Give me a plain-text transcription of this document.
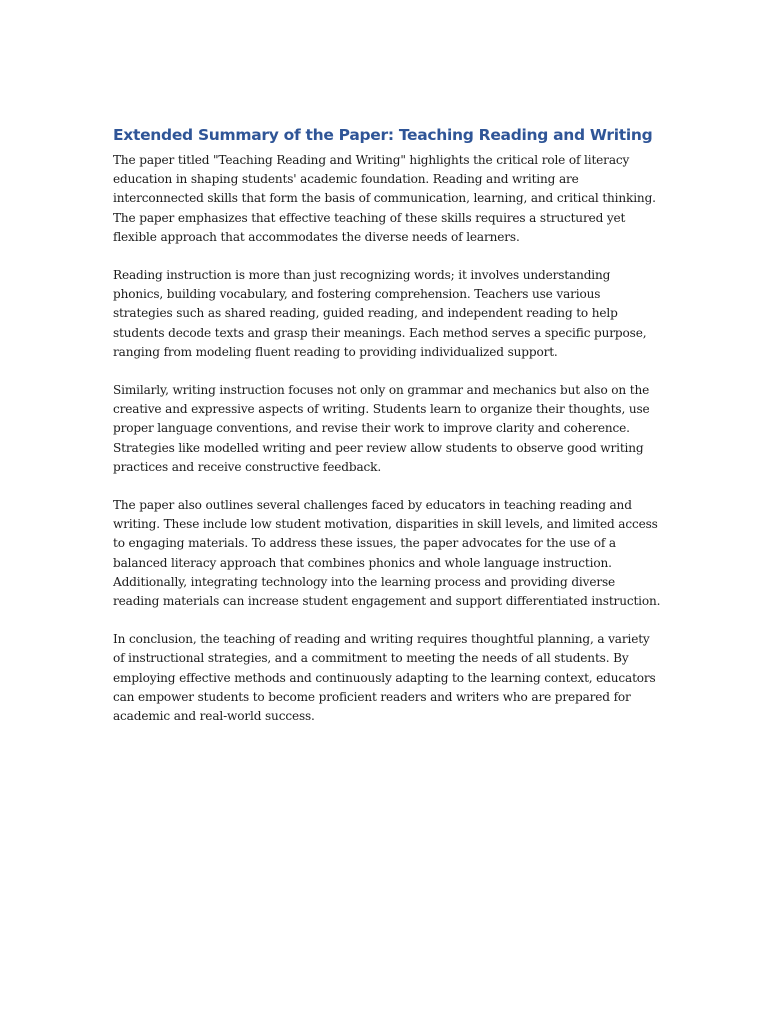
Extended Summary of the Paper: Teaching Reading and Writing

The paper titled "Teaching Reading and Writing" highlights the critical role of literacy education in shaping students' academic foundation. Reading and writing are interconnected skills that form the basis of communication, learning, and critical thinking. The paper emphasizes that effective teaching of these skills requires a structured yet flexible approach that accommodates the diverse needs of learners.

Reading instruction is more than just recognizing words; it involves understanding phonics, building vocabulary, and fostering comprehension. Teachers use various strategies such as shared reading, guided reading, and independent reading to help students decode texts and grasp their meanings. Each method serves a specific purpose, ranging from modeling fluent reading to providing individualized support.

Similarly, writing instruction focuses not only on grammar and mechanics but also on the creative and expressive aspects of writing. Students learn to organize their thoughts, use proper language conventions, and revise their work to improve clarity and coherence. Strategies like modelled writing and peer review allow students to observe good writing practices and receive constructive feedback.

The paper also outlines several challenges faced by educators in teaching reading and writing. These include low student motivation, disparities in skill levels, and limited access to engaging materials. To address these issues, the paper advocates for the use of a balanced literacy approach that combines phonics and whole language instruction. Additionally, integrating technology into the learning process and providing diverse reading materials can increase student engagement and support differentiated instruction.

In conclusion, the teaching of reading and writing requires thoughtful planning, a variety of instructional strategies, and a commitment to meeting the needs of all students. By employing effective methods and continuously adapting to the learning context, educators can empower students to become proficient readers and writers who are prepared for academic and real-world success.
